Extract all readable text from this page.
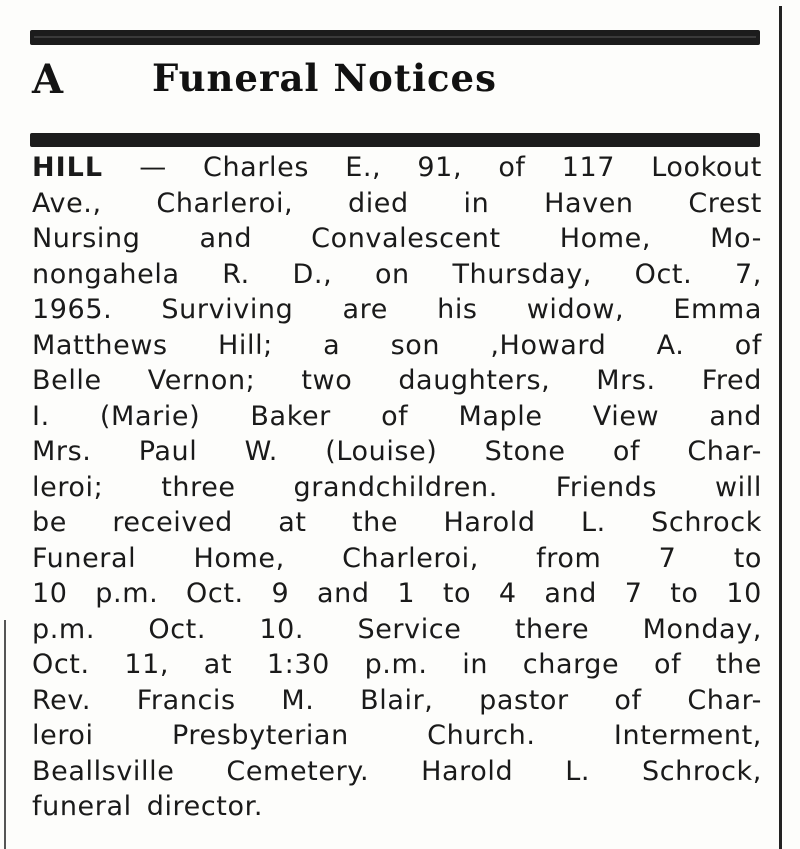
A Funeral Notices
HILL — Charles E., 91, of 117 Lookout
Ave., Charleroi, died in Haven Crest
Nursing and Convalescent Home, Mo-
nongahela R. D., on Thursday, Oct. 7,
1965. Surviving are his widow, Emma
Matthews Hill; a son ,Howard A. of
Belle Vernon; two daughters, Mrs. Fred
I. (Marie) Baker of Maple View and
Mrs. Paul W. (Louise) Stone of Char-
leroi; three grandchildren. Friends will
be received at the Harold L. Schrock
Funeral Home, Charleroi, from 7 to
10 p.m. Oct. 9 and 1 to 4 and 7 to 10
p.m. Oct. 10. Service there Monday,
Oct. 11, at 1:30 p.m. in charge of the
Rev. Francis M. Blair, pastor of Char-
leroi	Presbyterian	Church.	Interment,
Beallsville Cemetery. Harold L. Schrock,
funeral director.
